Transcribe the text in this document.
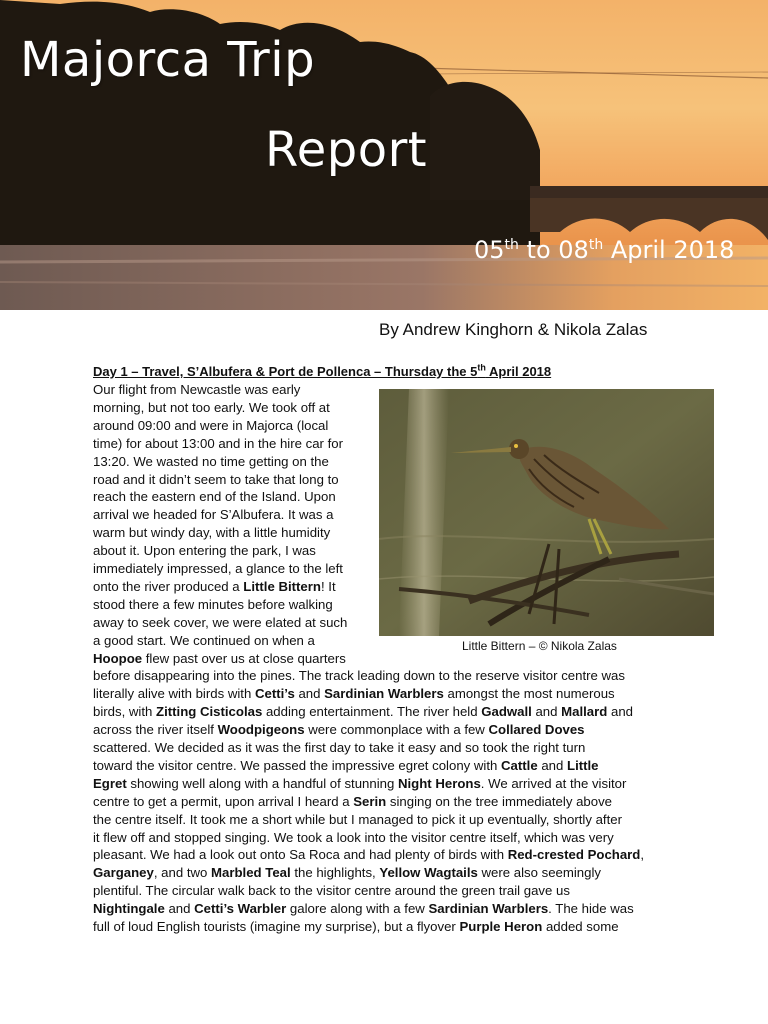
Majorca Trip
Report
05th to 08th April 2018
By Andrew Kinghorn & Nikola Zalas
Day 1 – Travel, S’Albufera & Port de Pollenca – Thursday the 5th April 2018
Little Bittern – © Nikola Zalas
Our flight from Newcastle was early
morning, but not too early. We took off at
around 09:00 and were in Majorca (local
time) for about 13:00 and in the hire car for
13:20. We wasted no time getting on the
road and it didn’t seem to take that long to
reach the eastern end of the Island. Upon
arrival we headed for S’Albufera. It was a
warm but windy day, with a little humidity
about it. Upon entering the park, I was
immediately impressed, a glance to the left
onto the river produced a Little Bittern! It
stood there a few minutes before walking
away to seek cover, we were elated at such
a good start. We continued on when a
Hoopoe flew past over us at close quarters
before disappearing into the pines. The track leading down to the reserve visitor centre was
literally alive with birds with Cetti’s and Sardinian Warblers amongst the most numerous
birds, with Zitting Cisticolas adding entertainment. The river held Gadwall and Mallard and
across the river itself Woodpigeons were commonplace with a few Collared Doves
scattered. We decided as it was the first day to take it easy and so took the right turn
toward the visitor centre. We passed the impressive egret colony with Cattle and Little
Egret showing well along with a handful of stunning Night Herons. We arrived at the visitor
centre to get a permit, upon arrival I heard a Serin singing on the tree immediately above
the centre itself. It took me a short while but I managed to pick it up eventually, shortly after
it flew off and stopped singing. We took a look into the visitor centre itself, which was very
pleasant. We had a look out onto Sa Roca and had plenty of birds with Red-crested Pochard,
Garganey, and two Marbled Teal the highlights, Yellow Wagtails were also seemingly
plentiful. The circular walk back to the visitor centre around the green trail gave us
Nightingale and Cetti’s Warbler galore along with a few Sardinian Warblers. The hide was
full of loud English tourists (imagine my surprise), but a flyover Purple Heron added some
